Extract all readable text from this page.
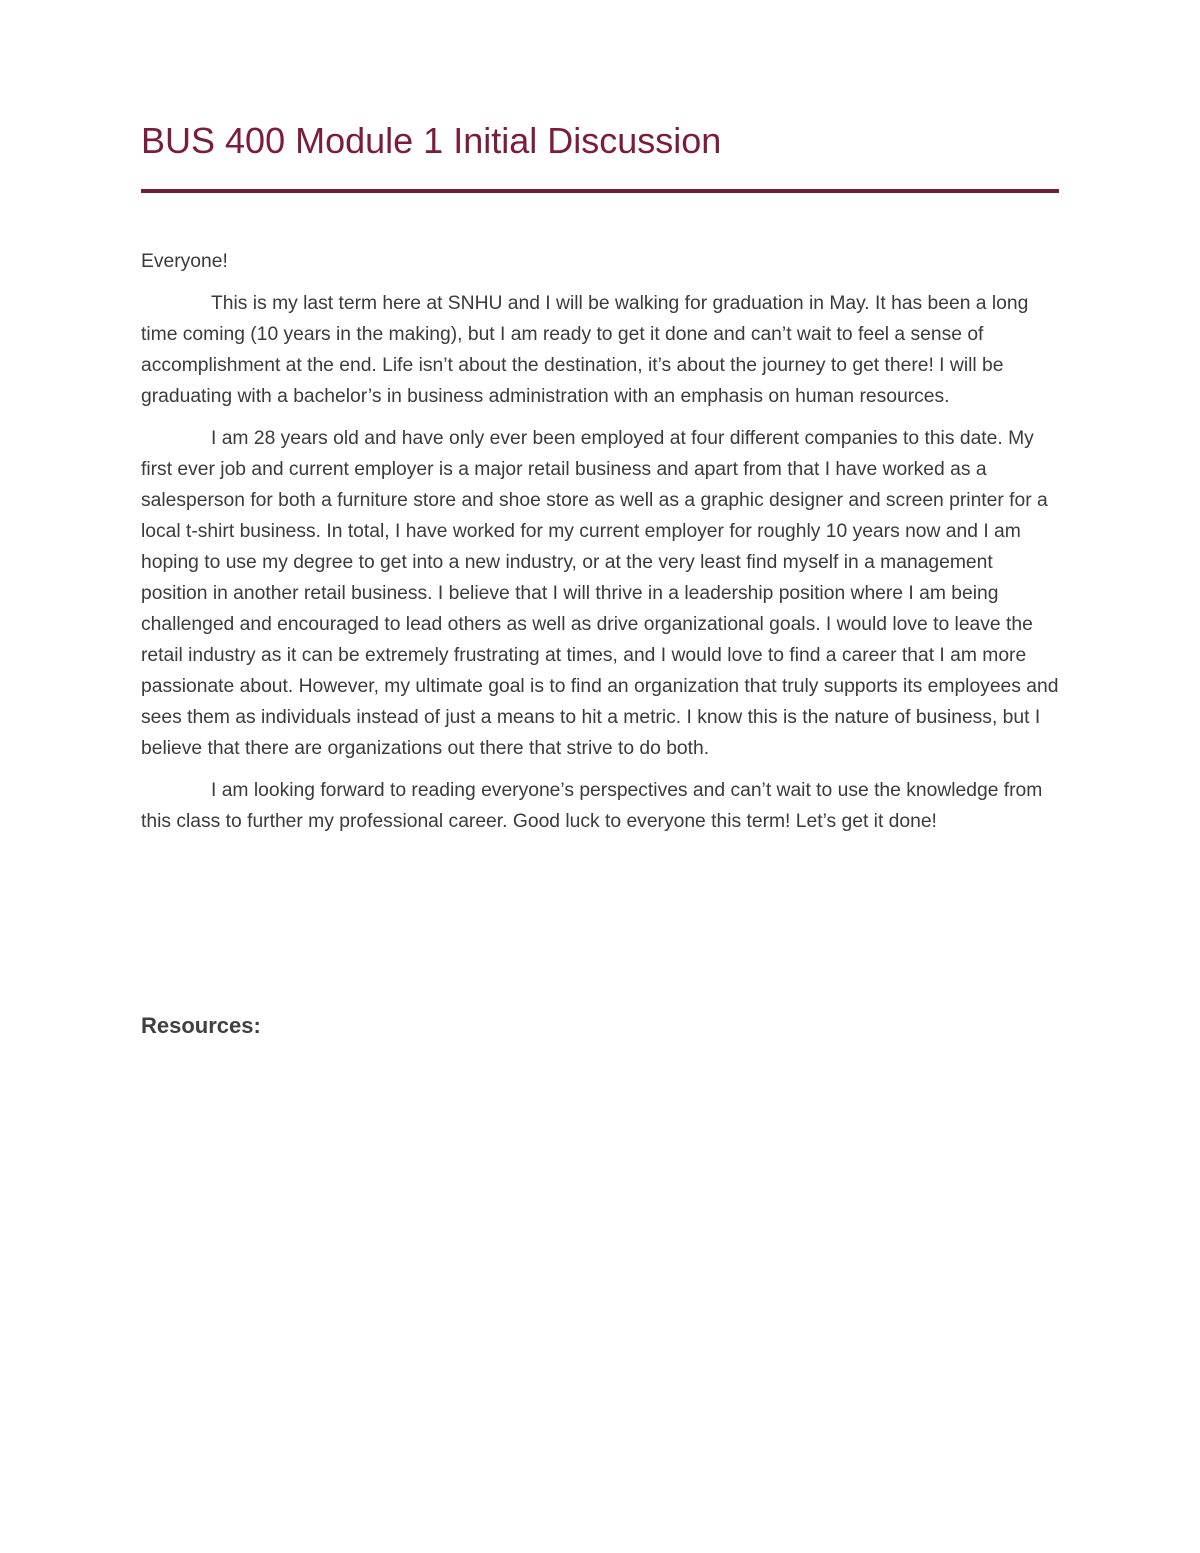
BUS 400 Module 1 Initial Discussion

Everyone!

This is my last term here at SNHU and I will be walking for graduation in May. It has been a long time coming (10 years in the making), but I am ready to get it done and can’t wait to feel a sense of accomplishment at the end. Life isn’t about the destination, it’s about the journey to get there! I will be graduating with a bachelor’s in business administration with an emphasis on human resources.

I am 28 years old and have only ever been employed at four different companies to this date. My first ever job and current employer is a major retail business and apart from that I have worked as a salesperson for both a furniture store and shoe store as well as a graphic designer and screen printer for a local t-shirt business. In total, I have worked for my current employer for roughly 10 years now and I am hoping to use my degree to get into a new industry, or at the very least find myself in a management position in another retail business. I believe that I will thrive in a leadership position where I am being challenged and encouraged to lead others as well as drive organizational goals. I would love to leave the retail industry as it can be extremely frustrating at times, and I would love to find a career that I am more passionate about. However, my ultimate goal is to find an organization that truly supports its employees and sees them as individuals instead of just a means to hit a metric. I know this is the nature of business, but I believe that there are organizations out there that strive to do both.

I am looking forward to reading everyone’s perspectives and can’t wait to use the knowledge from this class to further my professional career. Good luck to everyone this term! Let’s get it done!

Resources:
